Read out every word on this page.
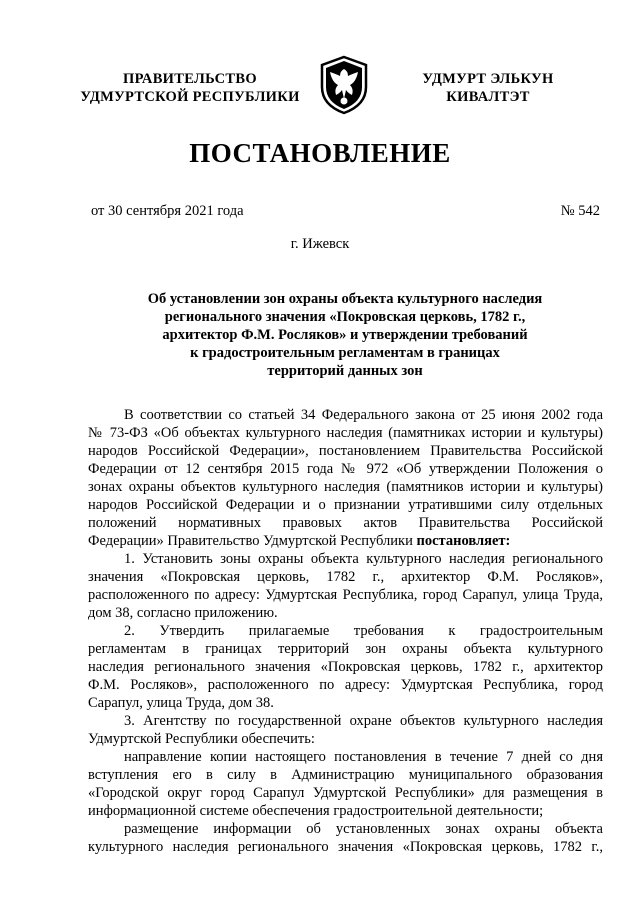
ПРАВИТЕЛЬСТВО
УДМУРТСКОЙ РЕСПУБЛИКИ
УДМУРТ ЭЛЬКУН
КИВАЛТЭТ
ПОСТАНОВЛЕНИЕ
от 30 сентября 2021 года	№ 542
г. Ижевск
Об установлении зон охраны объекта культурного наследия
регионального значения «Покровская церковь, 1782 г.,
архитектор Ф.М. Росляков» и утверждении требований
к градостроительным регламентам в границах
территорий данных зон
В соответствии со статьей 34 Федерального закона от 25 июня 2002 года
№ 73-ФЗ «Об объектах культурного наследия (памятниках истории и культуры)
народов Российской Федерации», постановлением Правительства Российской
Федерации от 12 сентября 2015 года № 972 «Об утверждении Положения о
зонах охраны объектов культурного наследия (памятников истории и культуры)
народов Российской Федерации и о признании утратившими силу отдельных
положений нормативных правовых актов Правительства Российской
Федерации» Правительство Удмуртской Республики постановляет:
1. Установить зоны охраны объекта культурного наследия регионального
значения «Покровская церковь, 1782 г., архитектор Ф.М. Росляков»,
расположенного по адресу: Удмуртская Республика, город Сарапул, улица Труда,
дом 38, согласно приложению.
2. Утвердить прилагаемые требования к градостроительным
регламентам в границах территорий зон охраны объекта культурного
наследия регионального значения «Покровская церковь, 1782 г., архитектор
Ф.М. Росляков», расположенного по адресу: Удмуртская Республика, город
Сарапул, улица Труда, дом 38.
3. Агентству по государственной охране объектов культурного наследия
Удмуртской Республики обеспечить:
направление копии настоящего постановления в течение 7 дней со дня
вступления его в силу в Администрацию муниципального образования
«Городской округ город Сарапул Удмуртской Республики» для размещения в
информационной системе обеспечения градостроительной деятельности;
размещение информации об установленных зонах охраны объекта
культурного наследия регионального значения «Покровская церковь, 1782 г.,
